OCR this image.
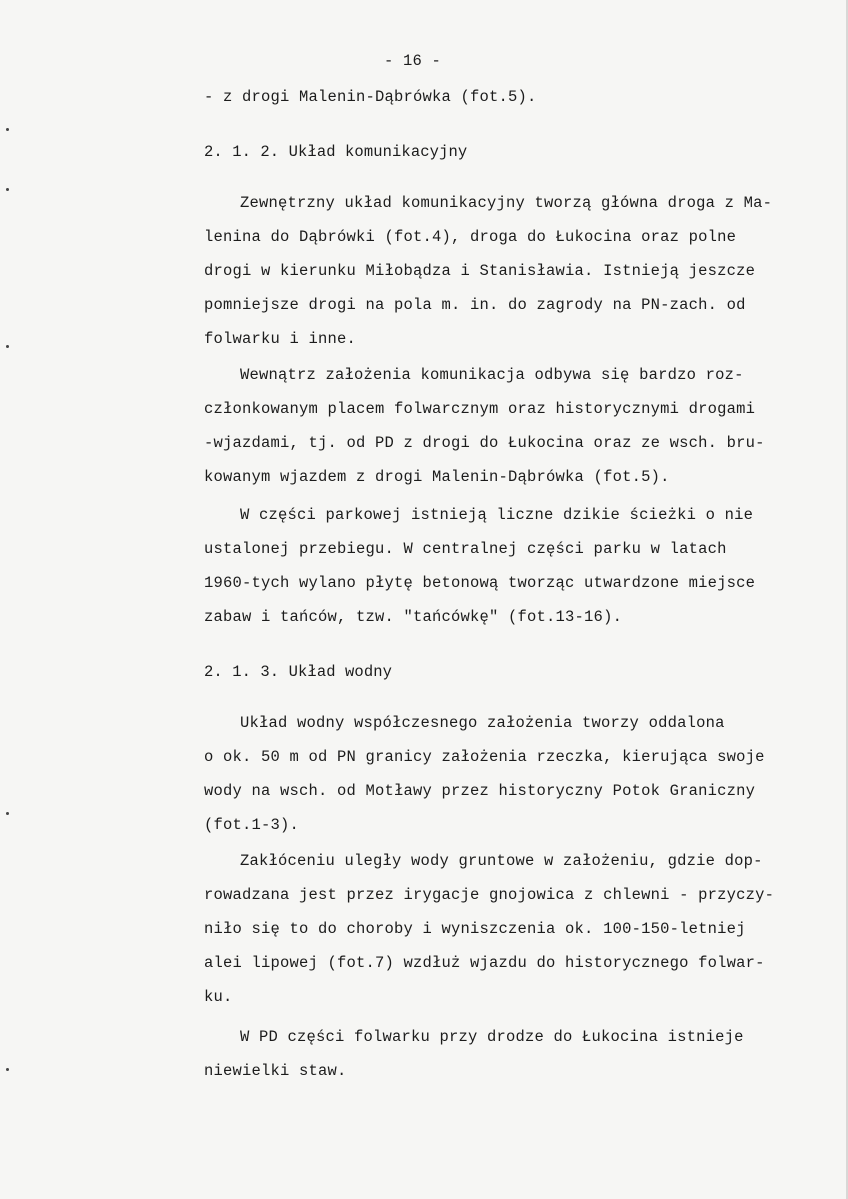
- 16 -
- z drogi Malenin-Dąbrówka (fot.5).
2. 1. 2. Układ komunikacyjny
Zewnętrzny układ komunikacyjny tworzą główna droga z Ma-
lenina do Dąbrówki (fot.4), droga do Łukocina oraz polne
drogi w kierunku Miłobądza i Stanisławia. Istnieją jeszcze
pomniejsze drogi na pola m. in. do zagrody na PN-zach. od
folwarku i inne.
Wewnątrz założenia komunikacja odbywa się bardzo roz-
członkowanym placem folwarcznym oraz historycznymi drogami
-wjazdami, tj. od PD z drogi do Łukocina oraz ze wsch. bru-
kowanym wjazdem z drogi Malenin-Dąbrówka (fot.5).
W części parkowej istnieją liczne dzikie ścieżki o nie
ustalonej przebiegu. W centralnej części parku w latach
1960-tych wylano płytę betonową tworząc utwardzone miejsce
zabaw i tańców, tzw. "tańcówkę" (fot.13-16).
2. 1. 3. Układ wodny
Układ wodny współczesnego założenia tworzy oddalona
o ok. 50 m od PN granicy założenia rzeczka, kierująca swoje
wody na wsch. od Motławy przez historyczny Potok Graniczny
(fot.1-3).
Zakłóceniu uległy wody gruntowe w założeniu, gdzie dop-
rowadzana jest przez irygacje gnojowica z chlewni - przyczy-
niło się to do choroby i wyniszczenia ok. 100-150-letniej
alei lipowej (fot.7) wzdłuż wjazdu do historycznego folwar-
ku.
W PD części folwarku przy drodze do Łukocina istnieje
niewielki staw.
